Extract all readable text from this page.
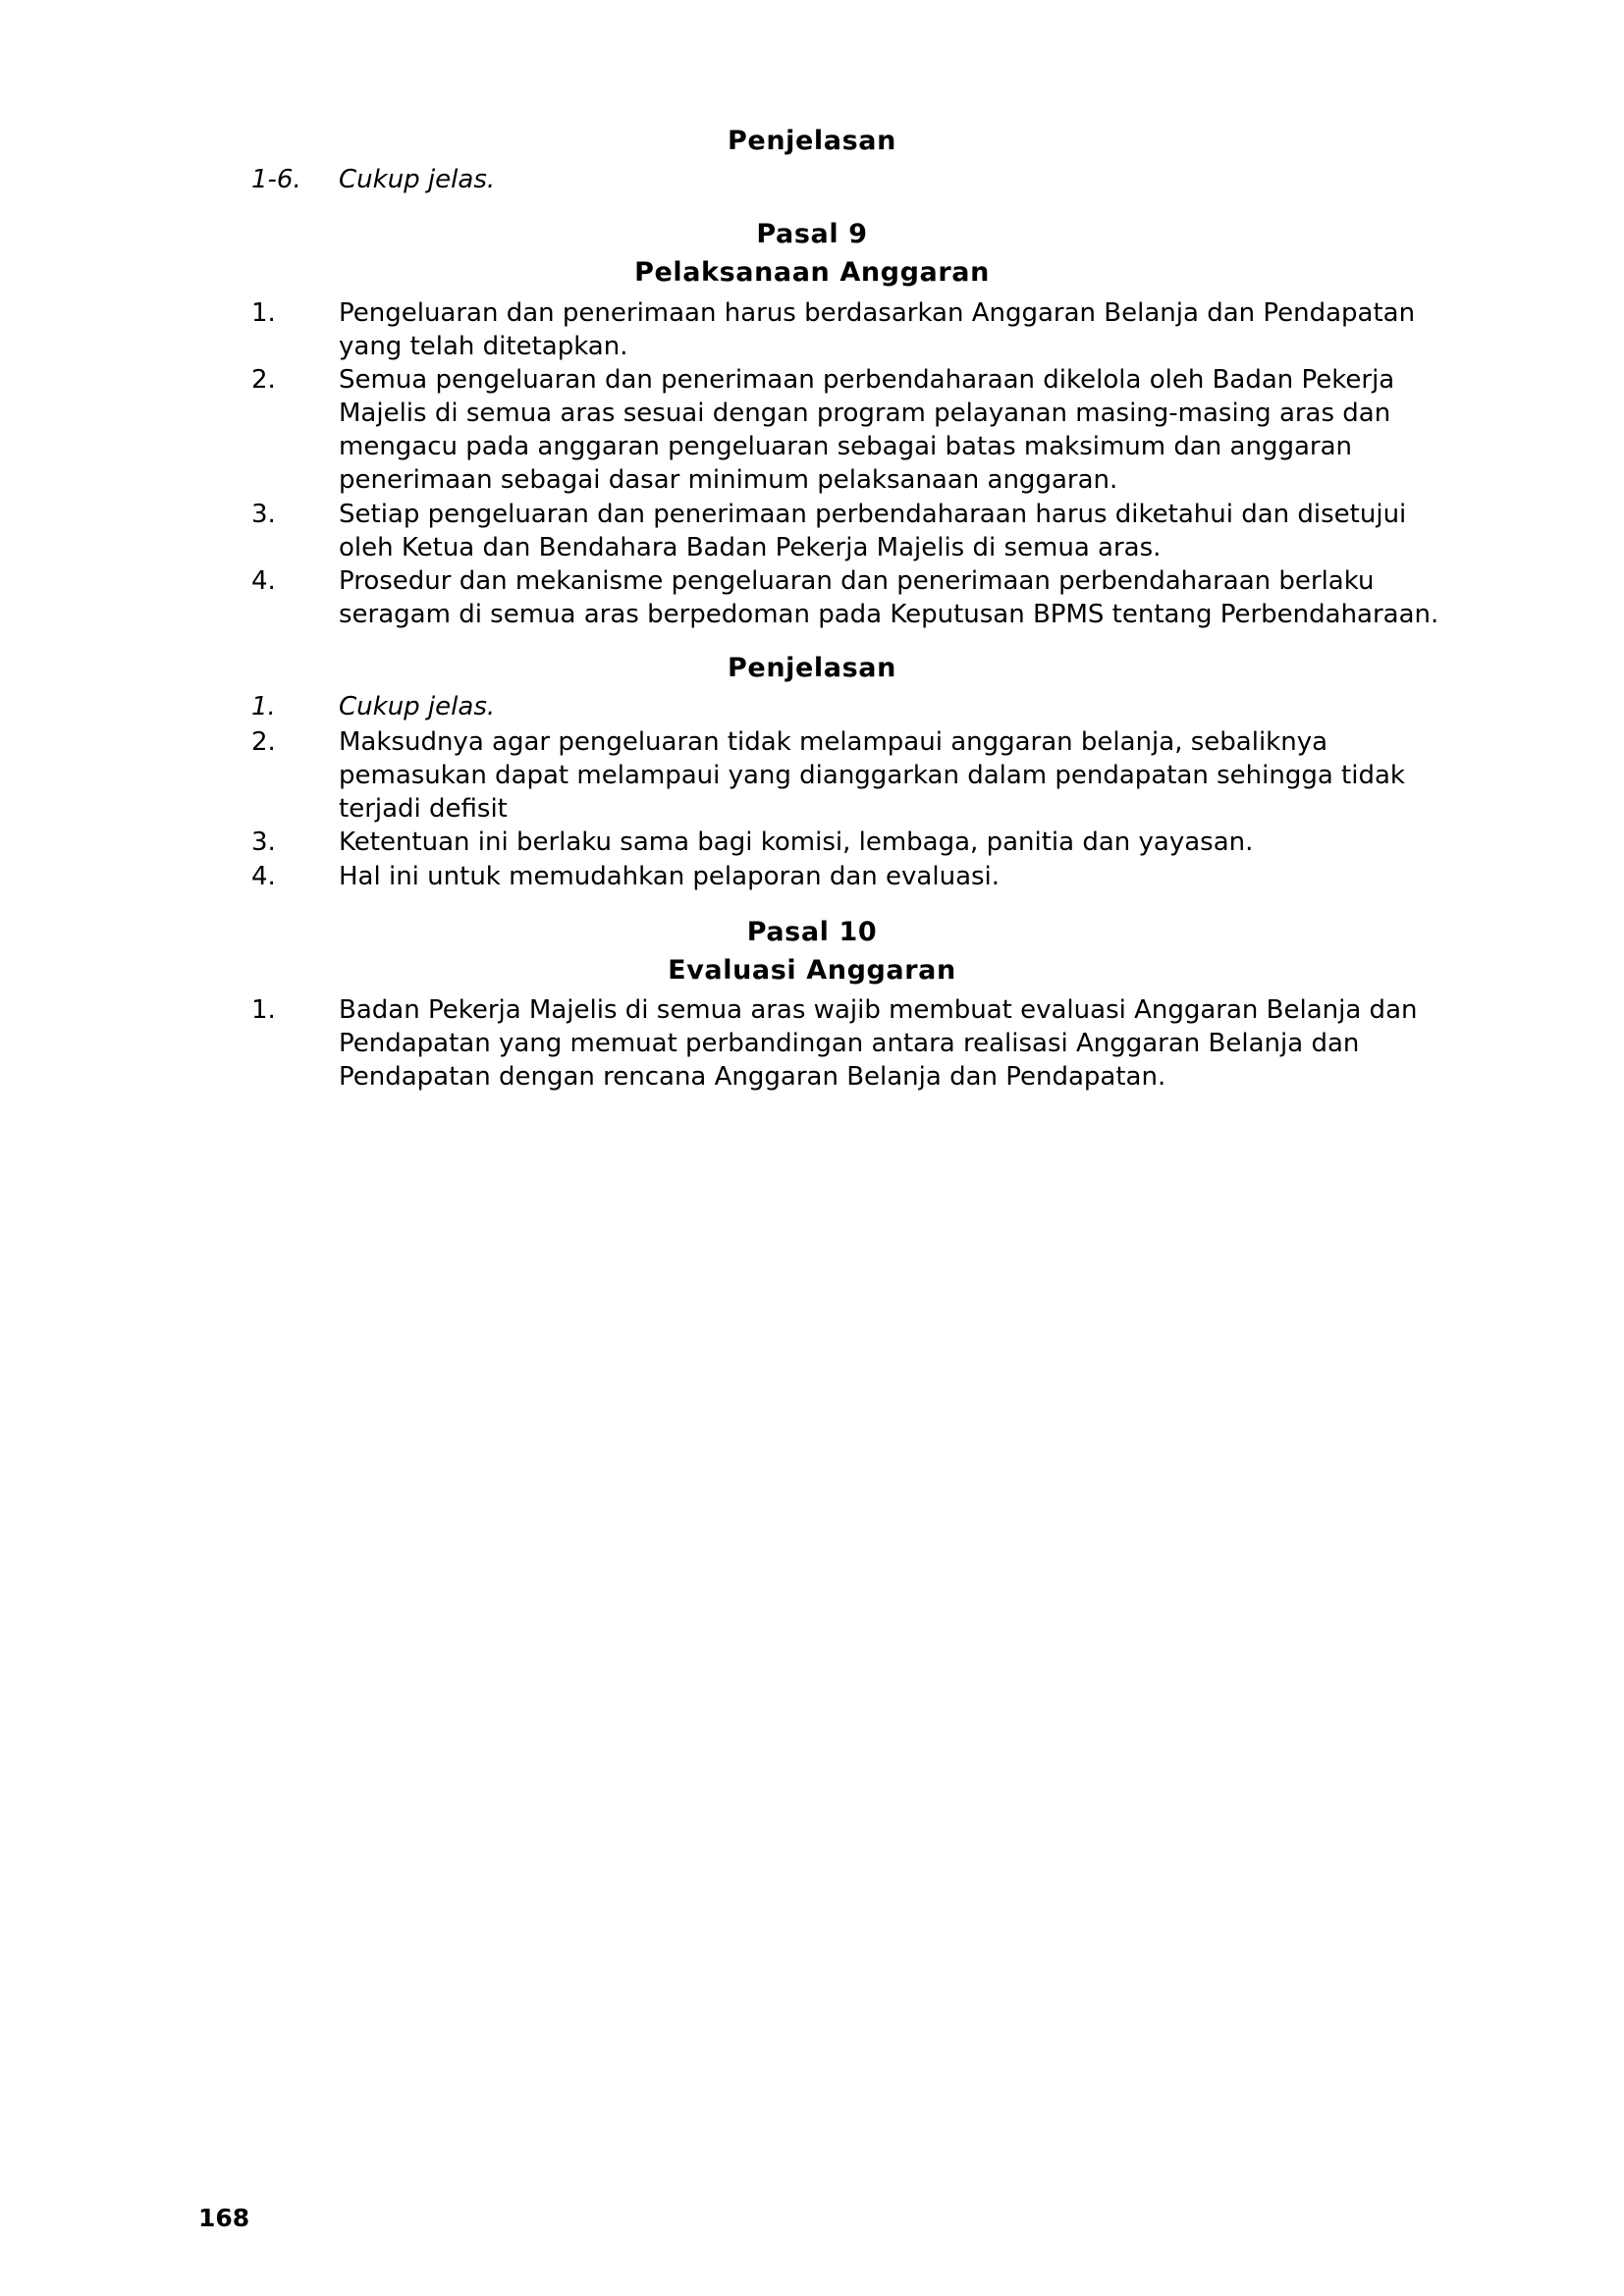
Penjelasan
1-6.	Cukup jelas.
Pasal 9
Pelaksanaan Anggaran
1.	Pengeluaran dan penerimaan harus berdasarkan Anggaran Belanja dan Pendapatan
yang telah ditetapkan.
2.	Semua pengeluaran dan penerimaan perbendaharaan dikelola oleh Badan Pekerja
Majelis di semua aras sesuai dengan program pelayanan masing-masing aras dan
mengacu pada anggaran pengeluaran sebagai batas maksimum dan anggaran
penerimaan sebagai dasar minimum pelaksanaan anggaran.
3.	Setiap pengeluaran dan penerimaan perbendaharaan harus diketahui dan disetujui
oleh Ketua dan Bendahara Badan Pekerja Majelis di semua aras.
4.	Prosedur dan mekanisme pengeluaran dan penerimaan perbendaharaan berlaku
seragam di semua aras berpedoman pada Keputusan BPMS tentang Perbendaharaan.
Penjelasan
1.	Cukup jelas.
2.	Maksudnya agar pengeluaran tidak melampaui anggaran belanja, sebaliknya
pemasukan dapat melampaui yang dianggarkan dalam pendapatan sehingga tidak
terjadi defisit
3.	Ketentuan ini berlaku sama bagi komisi, lembaga, panitia dan yayasan.
4.	Hal ini untuk memudahkan pelaporan dan evaluasi.
Pasal 10
Evaluasi Anggaran
1.	Badan Pekerja Majelis di semua aras wajib membuat evaluasi Anggaran Belanja dan
Pendapatan yang memuat perbandingan antara realisasi Anggaran Belanja dan
Pendapatan dengan rencana Anggaran Belanja dan Pendapatan.
168
